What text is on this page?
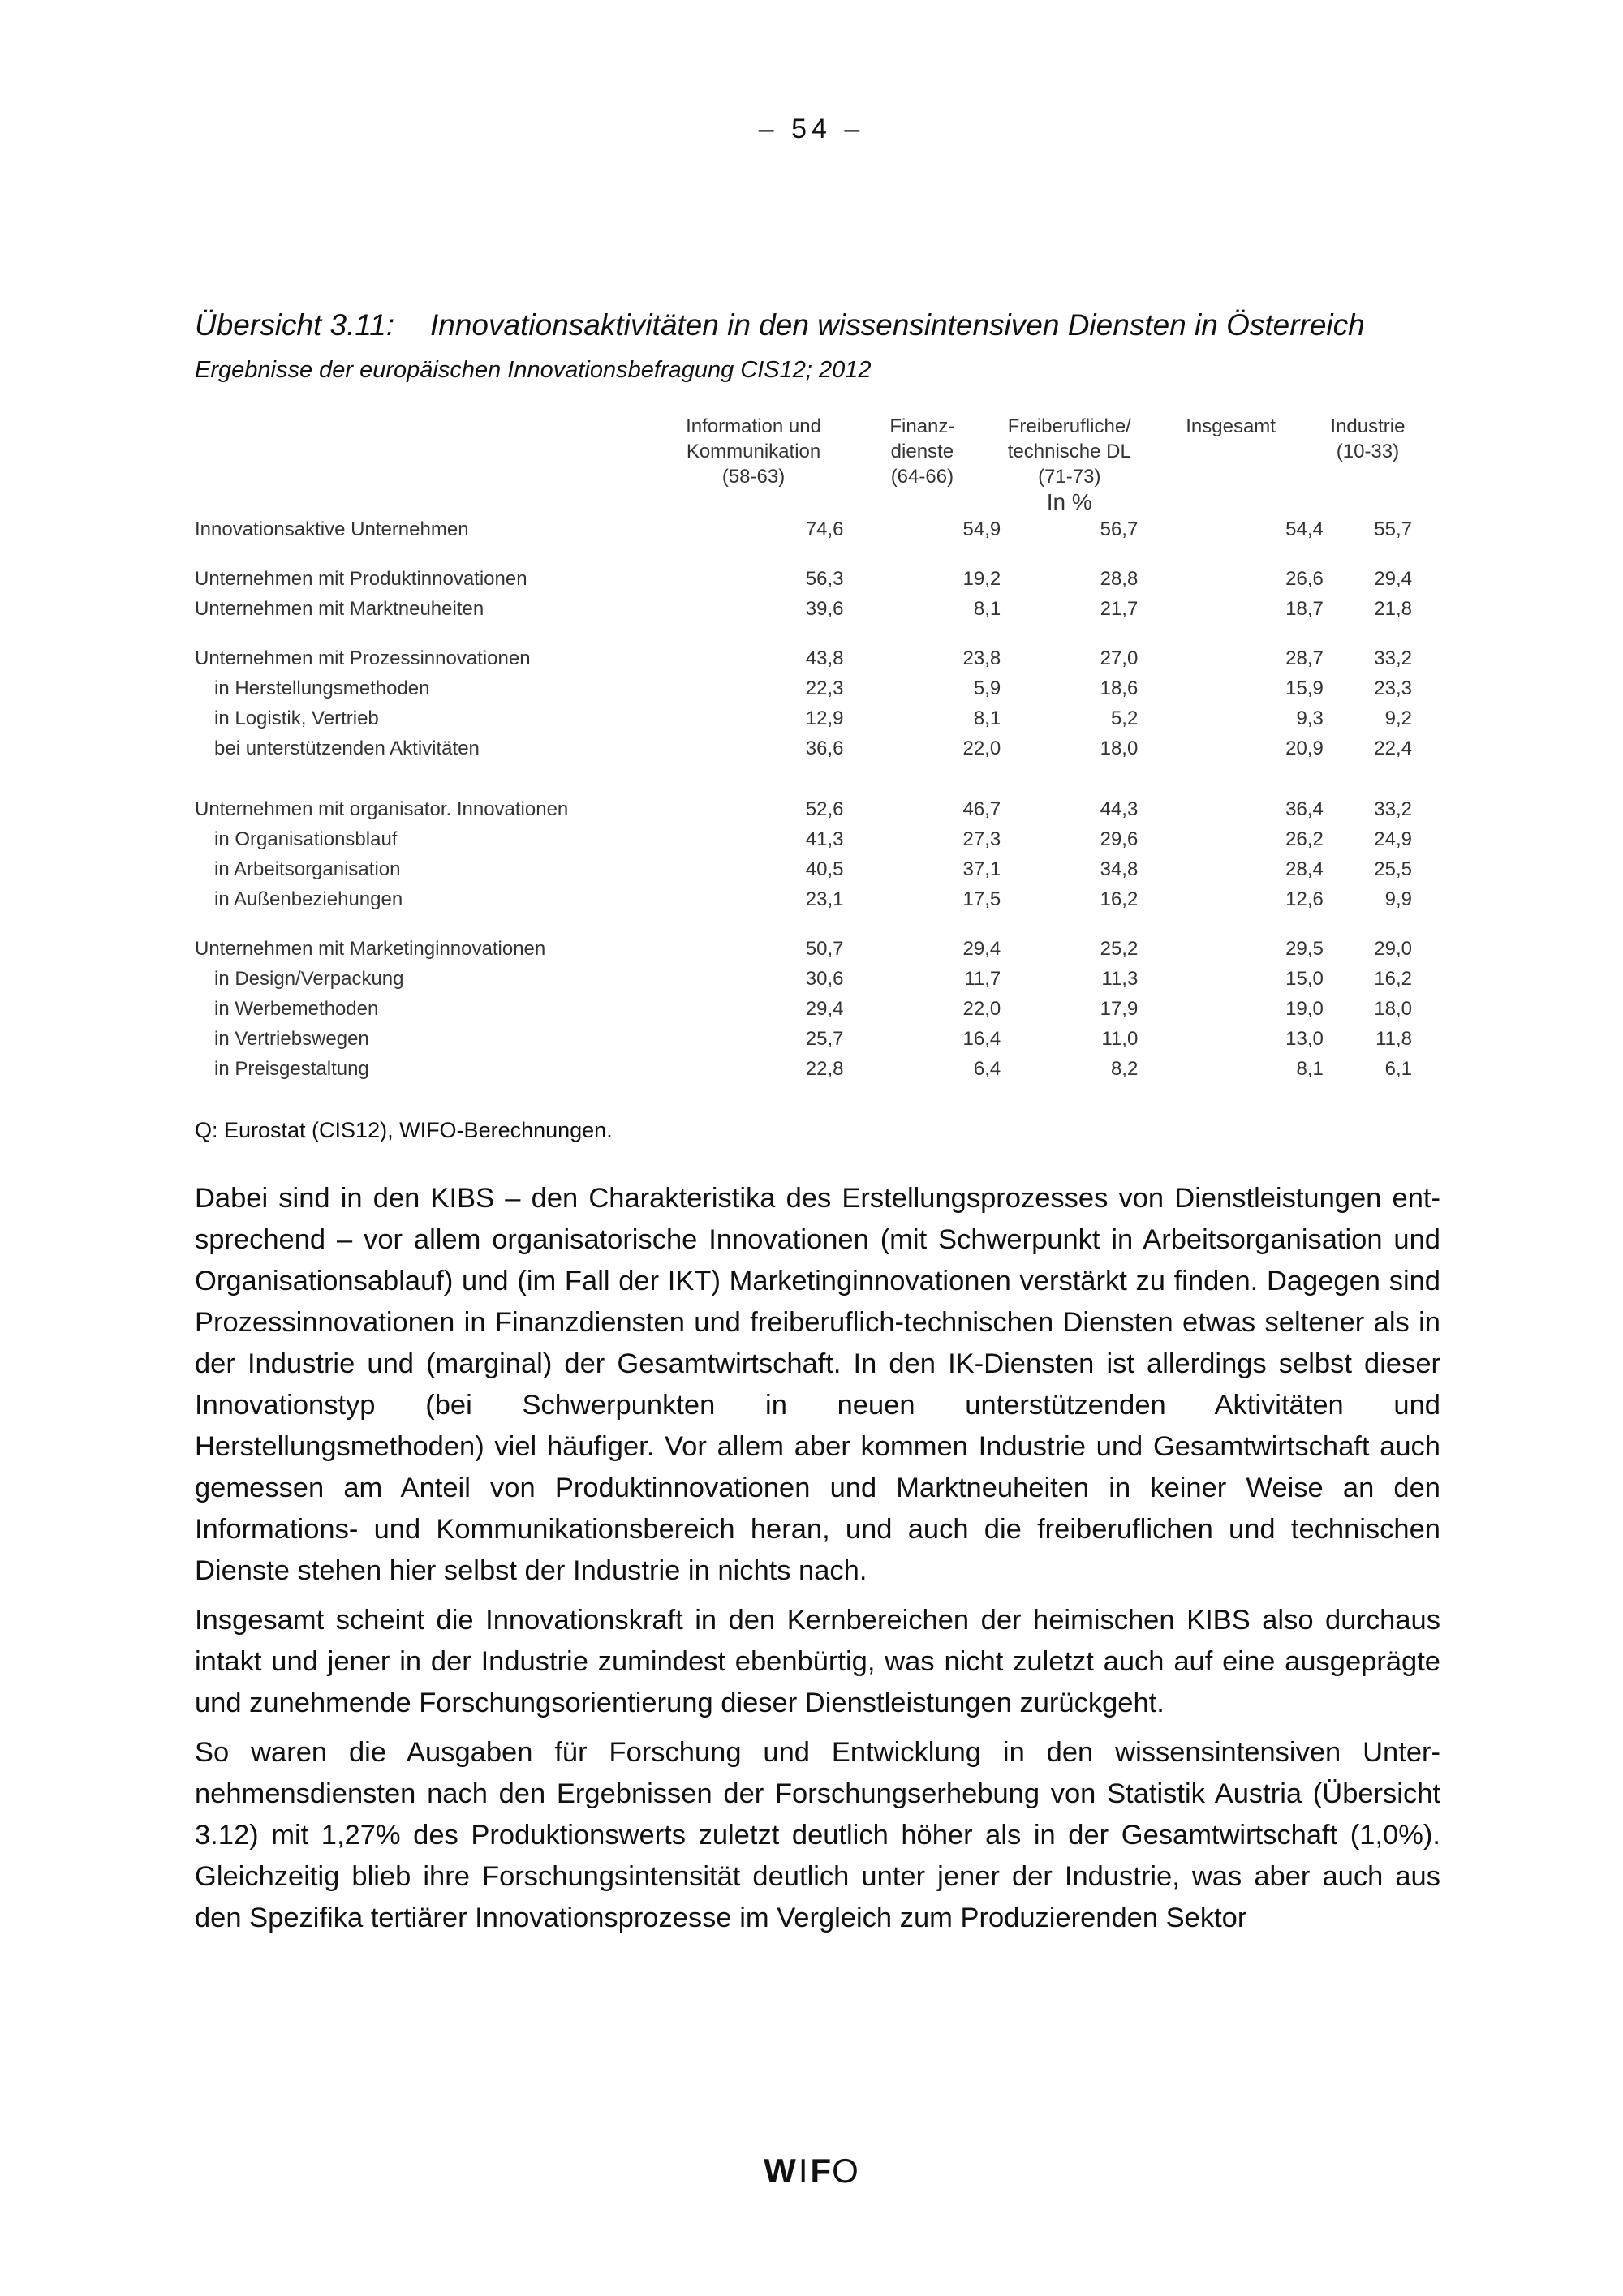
– 54 –
Übersicht 3.11: Innovationsaktivitäten in den wissensintensiven Diensten in Österreich
Ergebnisse der europäischen Innovationsbefragung CIS12; 2012

	Information und
Kommunikation
(58-63)	Finanz-
dienste
(64-66)	Freiberufliche/
technische DL
(71-73)	Insgesamt	Industrie
(10-33)

			In %		
Innovationsaktive Unternehmen	74,6	54,9	56,7	54,4	55,7

Unternehmen mit Produktinnovationen	56,3	19,2	28,8	26,6	29,4
Unternehmen mit Marktneuheiten	39,6	8,1	21,7	18,7	21,8

Unternehmen mit Prozessinnovationen	43,8	23,8	27,0	28,7	33,2
in Herstellungsmethoden	22,3	5,9	18,6	15,9	23,3
in Logistik, Vertrieb	12,9	8,1	5,2	9,3	9,2
bei unterstützenden Aktivitäten	36,6	22,0	18,0	20,9	22,4

Unternehmen mit organisator. Innovationen	52,6	46,7	44,3	36,4	33,2
in Organisationsblauf	41,3	27,3	29,6	26,2	24,9
in Arbeitsorganisation	40,5	37,1	34,8	28,4	25,5
in Außenbeziehungen	23,1	17,5	16,2	12,6	9,9

Unternehmen mit Marketinginnovationen	50,7	29,4	25,2	29,5	29,0
in Design/Verpackung	30,6	11,7	11,3	15,0	16,2
in Werbemethoden	29,4	22,0	17,9	19,0	18,0
in Vertriebswegen	25,7	16,4	11,0	13,0	11,8
in Preisgestaltung	22,8	6,4	8,2	8,1	6,1
Q: Eurostat (CIS12), WIFO-Berechnungen.

Dabei sind in den KIBS – den Charakteristika des Erstellungsprozesses von Dienstleistungen entsprechend – vor allem organisatorische Innovationen (mit Schwerpunkt in Arbeitsorganisation und Organisationsablauf) und (im Fall der IKT) Marketinginnovationen verstärkt zu finden. Dagegen sind Prozessinnovationen in Finanzdiensten und freiberuflich-technischen Diensten etwas seltener als in der Industrie und (marginal) der Gesamtwirtschaft. In den IK-Diensten ist allerdings selbst dieser Innovationstyp (bei Schwerpunkten in neuen unterstützenden Aktivitäten und Herstellungsmethoden) viel häufiger. Vor allem aber kommen Industrie und Gesamtwirtschaft auch gemessen am Anteil von Produktinnovationen und Marktneuheiten in keiner Weise an den Informations- und Kommunikationsbereich heran, und auch die freiberuflichen und technischen Dienste stehen hier selbst der Industrie in nichts nach.

Insgesamt scheint die Innovationskraft in den Kernbereichen der heimischen KIBS also durchaus intakt und jener in der Industrie zumindest ebenbürtig, was nicht zuletzt auch auf eine ausgeprägte und zunehmende Forschungsorientierung dieser Dienstleistungen zurückgeht.

So waren die Ausgaben für Forschung und Entwicklung in den wissensintensiven Unternehmensdiensten nach den Ergebnissen der Forschungserhebung von Statistik Austria (Übersicht 3.12) mit 1,27% des Produktionswerts zuletzt deutlich höher als in der Gesamtwirtschaft (1,0%). Gleichzeitig blieb ihre Forschungsintensität deutlich unter jener der Industrie, was aber auch aus den Spezifika tertiärer Innovationsprozesse im Vergleich zum Produzierenden Sektor

WIFO
